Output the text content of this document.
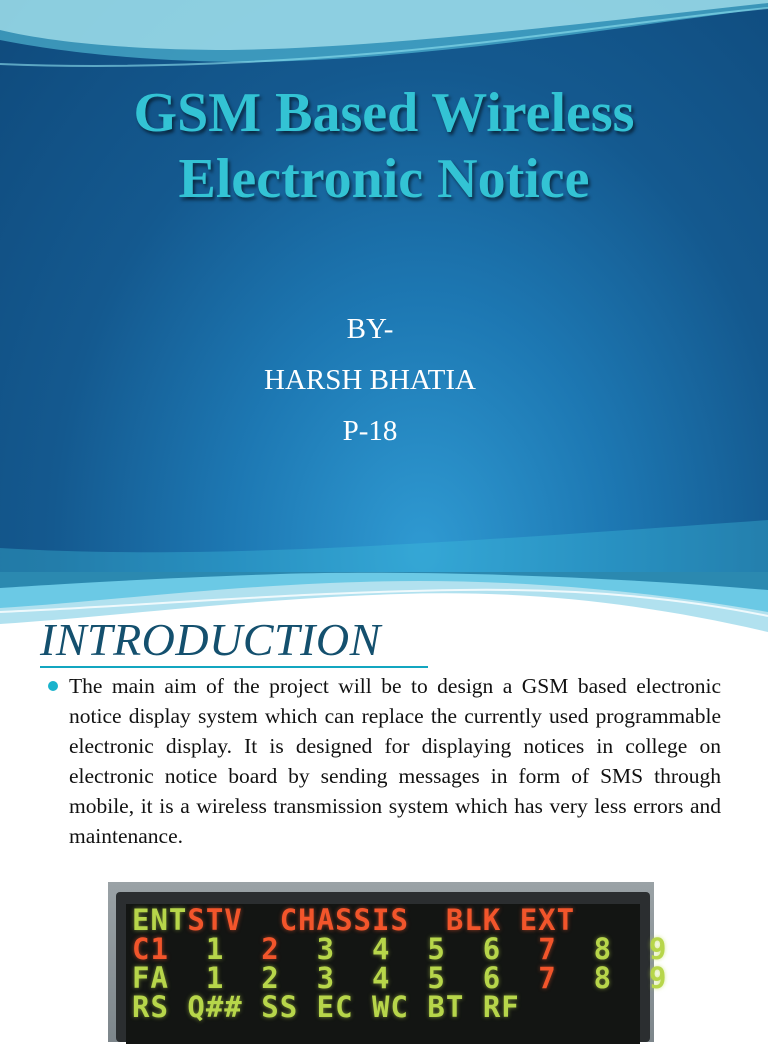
GSM Based Wireless
Electronic Notice

BY-

HARSH BHATIA

P-18

INTRODUCTION

The main aim of the project will be to design a GSM based electronic notice display system which can replace the currently used programmable electronic display. It is designed for displaying notices in college on electronic notice board by sending messages in form of SMS through mobile, it is a wireless transmission system which has very less errors and maintenance.

ENTSTV CHASSIS BLK EXT
C1 1 2 3 4 5 6 7 8 9
FA 1 2 3 4 5 6 7 8 9
RS Q## SS EC WC BT RF
